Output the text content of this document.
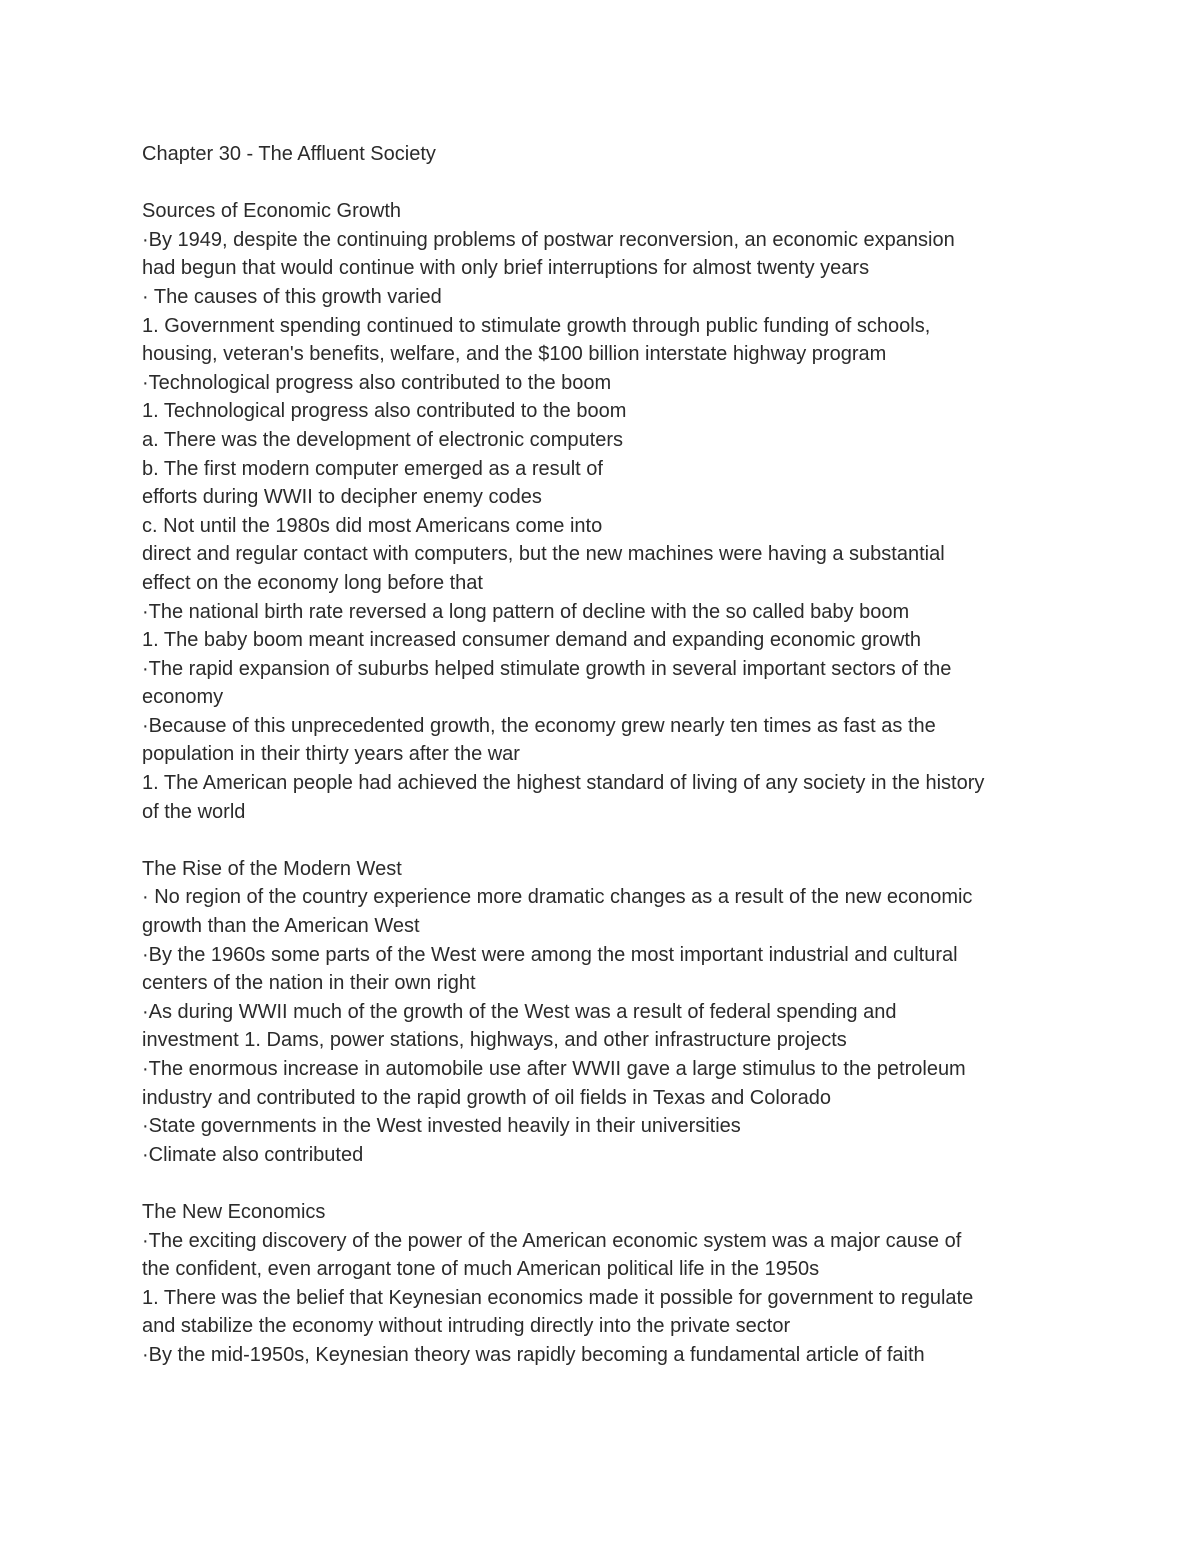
Chapter 30 - The Affluent Society
Sources of Economic Growth
·By 1949, despite the continuing problems of postwar reconversion, an economic expansion
had begun that would continue with only brief interruptions for almost twenty years
· The causes of this growth varied
1. Government spending continued to stimulate growth through public funding of schools,
housing, veteran's benefits, welfare, and the $100 billion interstate highway program
·Technological progress also contributed to the boom
1. Technological progress also contributed to the boom
a. There was the development of electronic computers
b. The first modern computer emerged as a result of
efforts during WWII to decipher enemy codes
c. Not until the 1980s did most Americans come into
direct and regular contact with computers, but the new machines were having a substantial
effect on the economy long before that
·The national birth rate reversed a long pattern of decline with the so called baby boom
1. The baby boom meant increased consumer demand and expanding economic growth
·The rapid expansion of suburbs helped stimulate growth in several important sectors of the
economy
·Because of this unprecedented growth, the economy grew nearly ten times as fast as the
population in their thirty years after the war
1. The American people had achieved the highest standard of living of any society in the history
of the world
The Rise of the Modern West
· No region of the country experience more dramatic changes as a result of the new economic
growth than the American West
·By the 1960s some parts of the West were among the most important industrial and cultural
centers of the nation in their own right
·As during WWII much of the growth of the West was a result of federal spending and
investment 1. Dams, power stations, highways, and other infrastructure projects
·The enormous increase in automobile use after WWII gave a large stimulus to the petroleum
industry and contributed to the rapid growth of oil fields in Texas and Colorado
·State governments in the West invested heavily in their universities
·Climate also contributed
The New Economics
·The exciting discovery of the power of the American economic system was a major cause of
the confident, even arrogant tone of much American political life in the 1950s
1. There was the belief that Keynesian economics made it possible for government to regulate
and stabilize the economy without intruding directly into the private sector
·By the mid-1950s, Keynesian theory was rapidly becoming a fundamental article of faith
